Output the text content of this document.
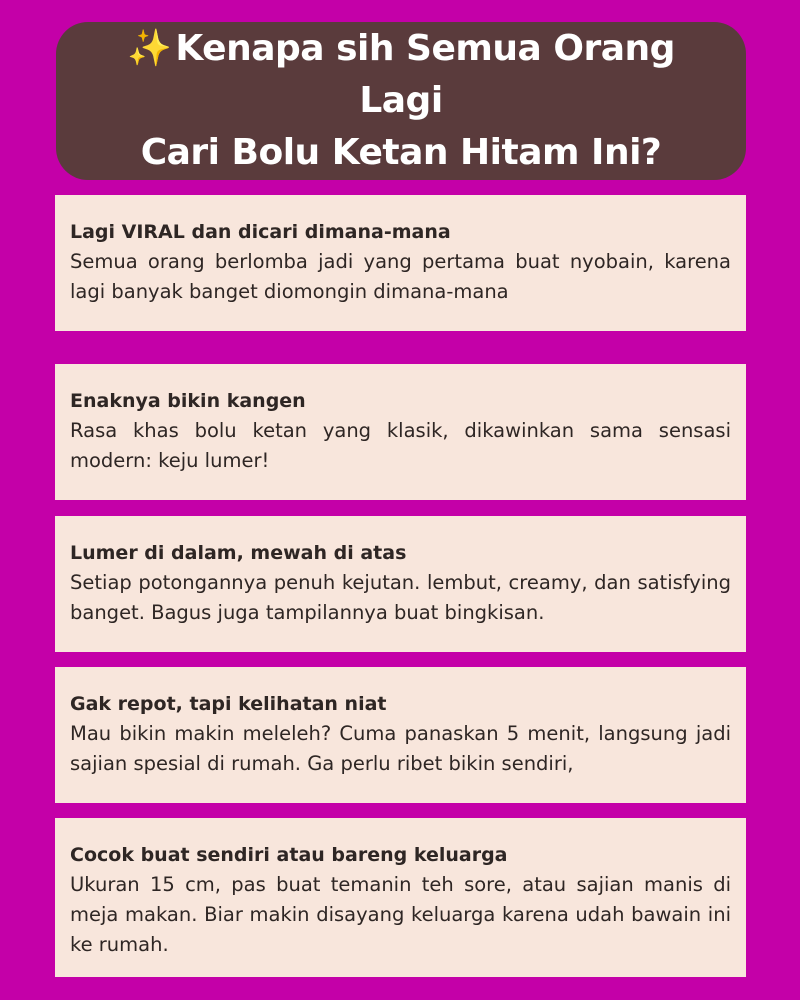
✨ Kenapa sih Semua Orang Lagi
Cari Bolu Ketan Hitam Ini?
Lagi VIRAL dan dicari dimana-mana
Semua orang berlomba jadi yang pertama buat nyobain, karena lagi banyak banget diomongin dimana-mana
Enaknya bikin kangen
Rasa khas bolu ketan yang klasik, dikawinkan sama sensasi modern: keju lumer!
Lumer di dalam, mewah di atas
Setiap potongannya penuh kejutan. lembut, creamy, dan satisfying banget. Bagus juga tampilannya buat bingkisan.
Gak repot, tapi kelihatan niat
Mau bikin makin meleleh? Cuma panaskan 5 menit, langsung jadi sajian spesial di rumah. Ga perlu ribet bikin sendiri,
Cocok buat sendiri atau bareng keluarga
Ukuran 15 cm, pas buat temanin teh sore, atau sajian manis di meja makan. Biar makin disayang keluarga karena udah bawain ini ke rumah.
